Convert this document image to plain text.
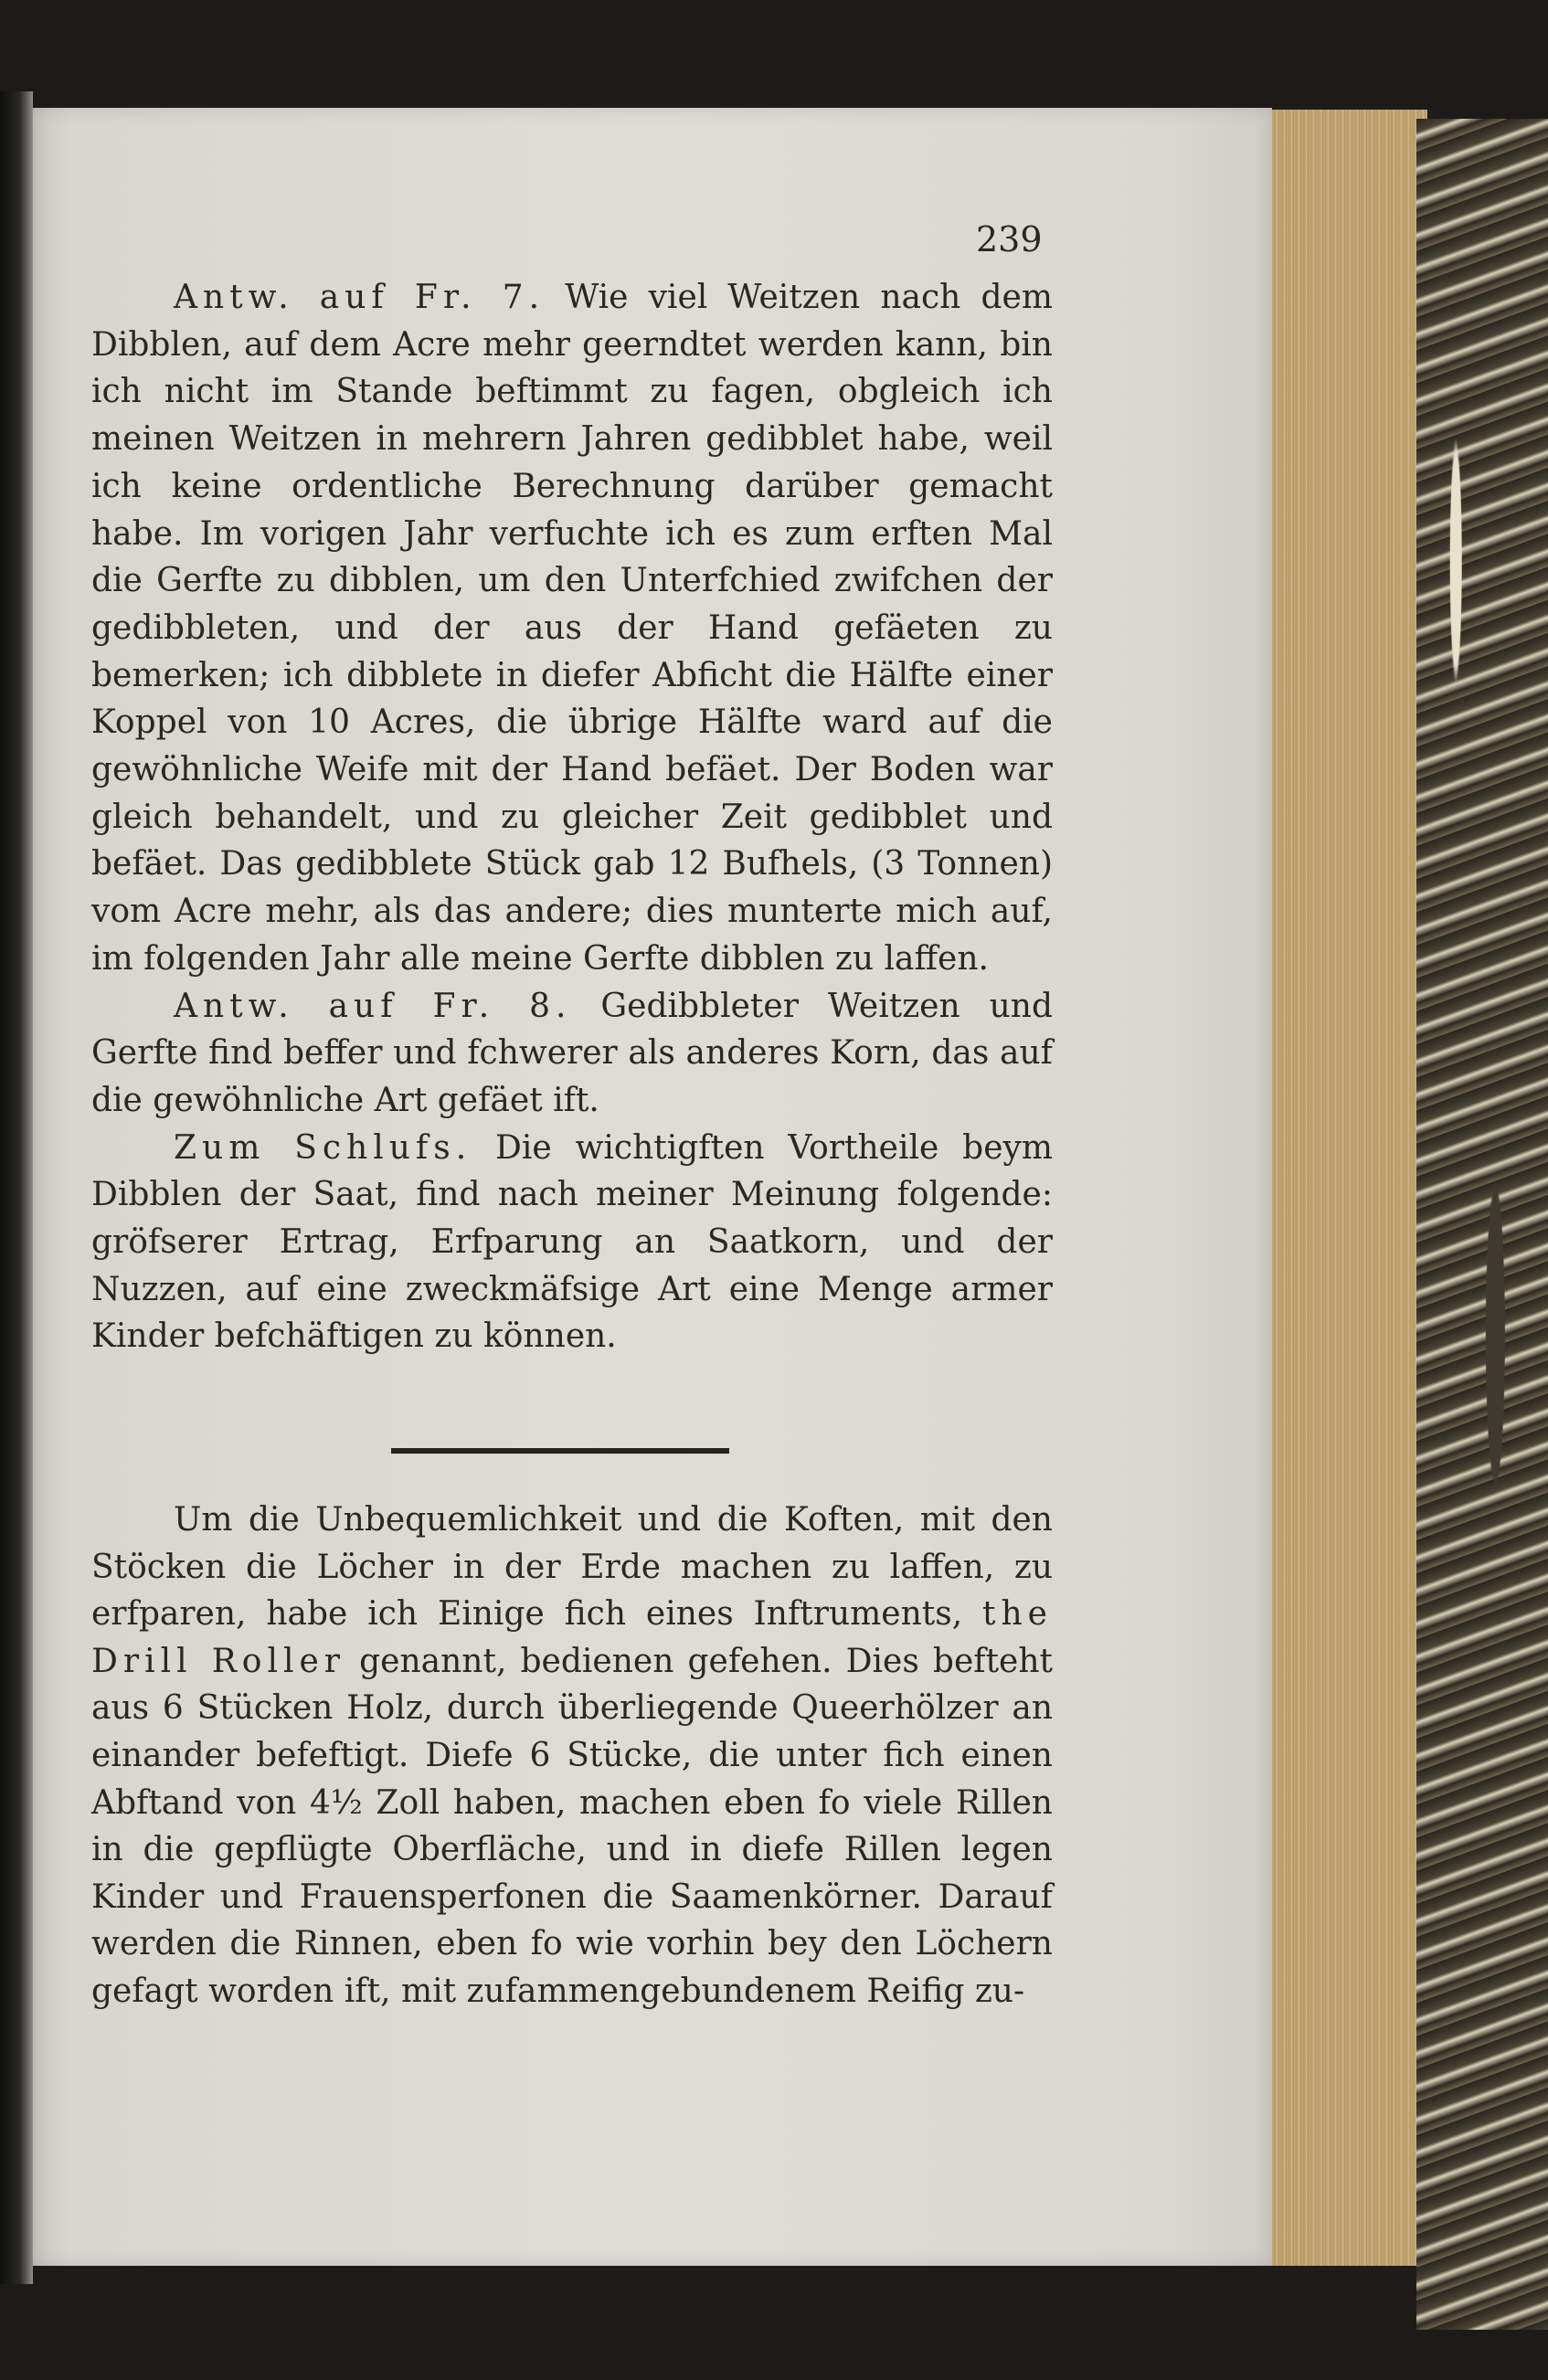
239

Antw. auf Fr. 7. Wie viel Weitzen nach dem Dibblen, auf dem Acre mehr geerndtet werden kann, bin ich nicht im Stande beftimmt zu fagen, obgleich ich meinen Weitzen in mehrern Jahren gedibblet habe, weil ich keine ordentliche Berechnung darüber gemacht habe. Im vorigen Jahr verfuchte ich es zum erften Mal die Gerfte zu dibblen, um den Unterfchied zwifchen der gedibbleten, und der aus der Hand gefäeten zu bemerken; ich dibblete in diefer Abficht die Hälfte einer Koppel von 10 Acres, die übrige Hälfte ward auf die gewöhnliche Weife mit der Hand befäet. Der Boden war gleich behandelt, und zu gleicher Zeit gedibblet und befäet. Das gedibblete Stück gab 12 Bufhels, (3 Tonnen) vom Acre mehr, als das andere; dies munterte mich auf, im folgenden Jahr alle meine Gerfte dibblen zu laffen.

Antw. auf Fr. 8. Gedibbleter Weitzen und Gerfte find beffer und fchwerer als anderes Korn, das auf die gewöhnliche Art gefäet ift.

Zum Schlufs. Die wichtigften Vortheile beym Dibblen der Saat, find nach meiner Meinung folgende: gröfserer Ertrag, Erfparung an Saatkorn, und der Nuzzen, auf eine zweckmäfsige Art eine Menge armer Kinder befchäftigen zu können.

Um die Unbequemlichkeit und die Koften, mit den Stöcken die Löcher in der Erde machen zu laffen, zu erfparen, habe ich Einige fich eines Inftruments, the Drill Roller genannt, bedienen gefehen. Dies befteht aus 6 Stücken Holz, durch überliegende Queerhölzer an einander befeftigt. Diefe 6 Stücke, die unter fich einen Abftand von 4½ Zoll haben, machen eben fo viele Rillen in die gepflügte Oberfläche, und in diefe Rillen legen Kinder und Frauensperfonen die Saamenkörner. Darauf werden die Rinnen, eben fo wie vorhin bey den Löchern gefagt worden ift, mit zufammengebundenem Reifig zu-
